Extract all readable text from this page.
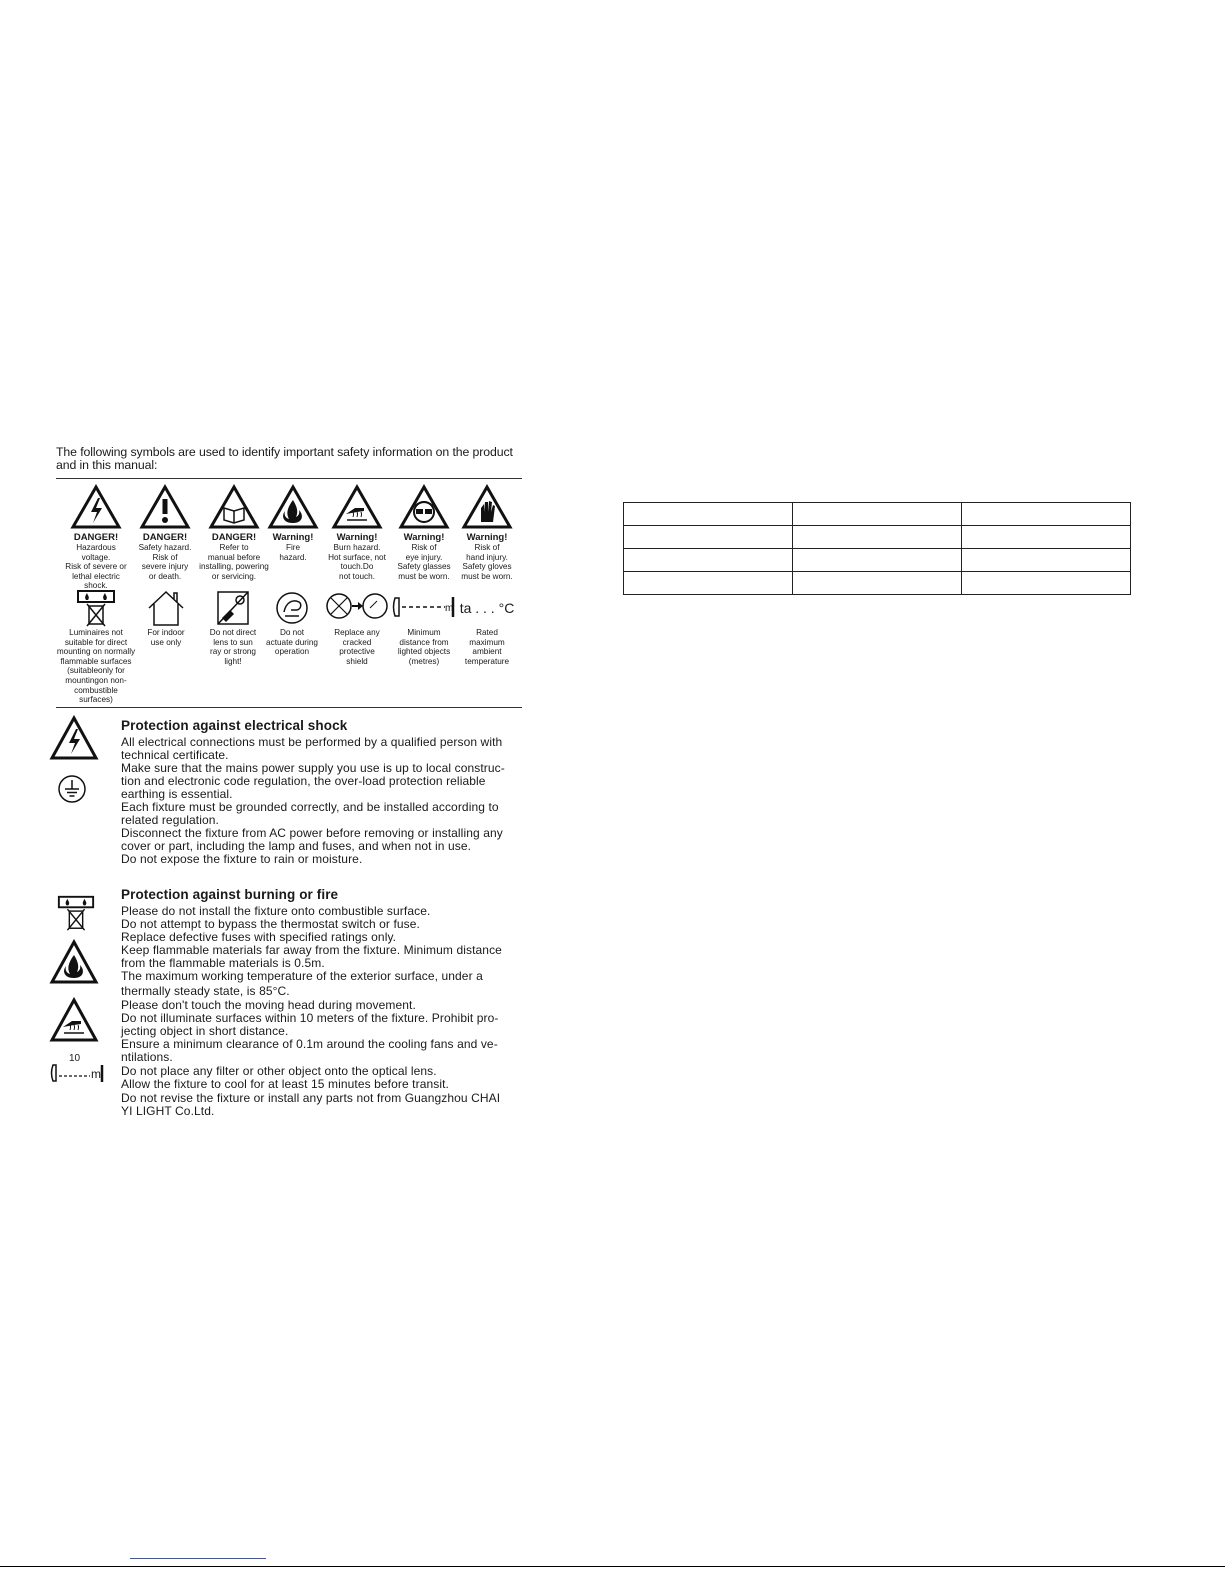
The following symbols are used to identify important safety information on the product
and in this manual:
DANGER!
Hazardous
voltage.
Risk of severe or
lethal electric shock.
DANGER!
Safety hazard.
Risk of
severe injury
or death.
DANGER!
Refer to
manual before
installing, powering
or servicing.
Warning!
Fire
hazard.
Warning!
Burn hazard.
Hot surface, not
touch.Do
not touch.
Warning!
Risk of
eye injury.
Safety glasses
must be worn.
Warning!
Risk of
hand injury.
Safety gloves
must be worn.
Luminaires not
suitable for direct
mounting on normally
flammable surfaces
(suitableonly for
mountingon non-
combustible
surfaces)
For indoor
use only
Do not direct
lens to sun
ray or strong
light!
Do not
actuate during
operation
Replace any
cracked
protective
shield
m
Minimum
distance from
lighted objects
(metres)
ta . . . °C
Rated
maximum
ambient
temperature
Protection against electrical shock
All electrical connections must be performed by a qualified person with
technical certificate.
Make sure that the mains power supply you use is up to local construc-
tion and electronic code regulation, the over-load protection reliable
earthing is essential.
Each fixture must be grounded correctly, and be installed according to
related regulation.
Disconnect the fixture from AC power before removing or installing any
cover or part, including the lamp and fuses, and when not in use.
Do not expose the fixture to rain or moisture.
10
m
Protection against burning or fire
Please do not install the fixture onto combustible surface.
Do not attempt to bypass the thermostat switch or fuse.
Replace defective fuses with specified ratings only.
Keep flammable materials far away from the fixture. Minimum distance
from the flammable materials is 0.5m.
The maximum working temperature of the exterior surface, under a
thermally steady state, is 85°C.
Please don't touch the moving head during movement.
Do not illuminate surfaces within 10 meters of the fixture. Prohibit pro-
jecting object in short distance.
Ensure a minimum clearance of 0.1m around the cooling fans and ve-
ntilations.
Do not place any filter or other object onto the optical lens.
Allow the fixture to cool for at least 15 minutes before transit.
Do not revise the fixture or install any parts not from Guangzhou CHAI
YI LIGHT Co.Ltd.
